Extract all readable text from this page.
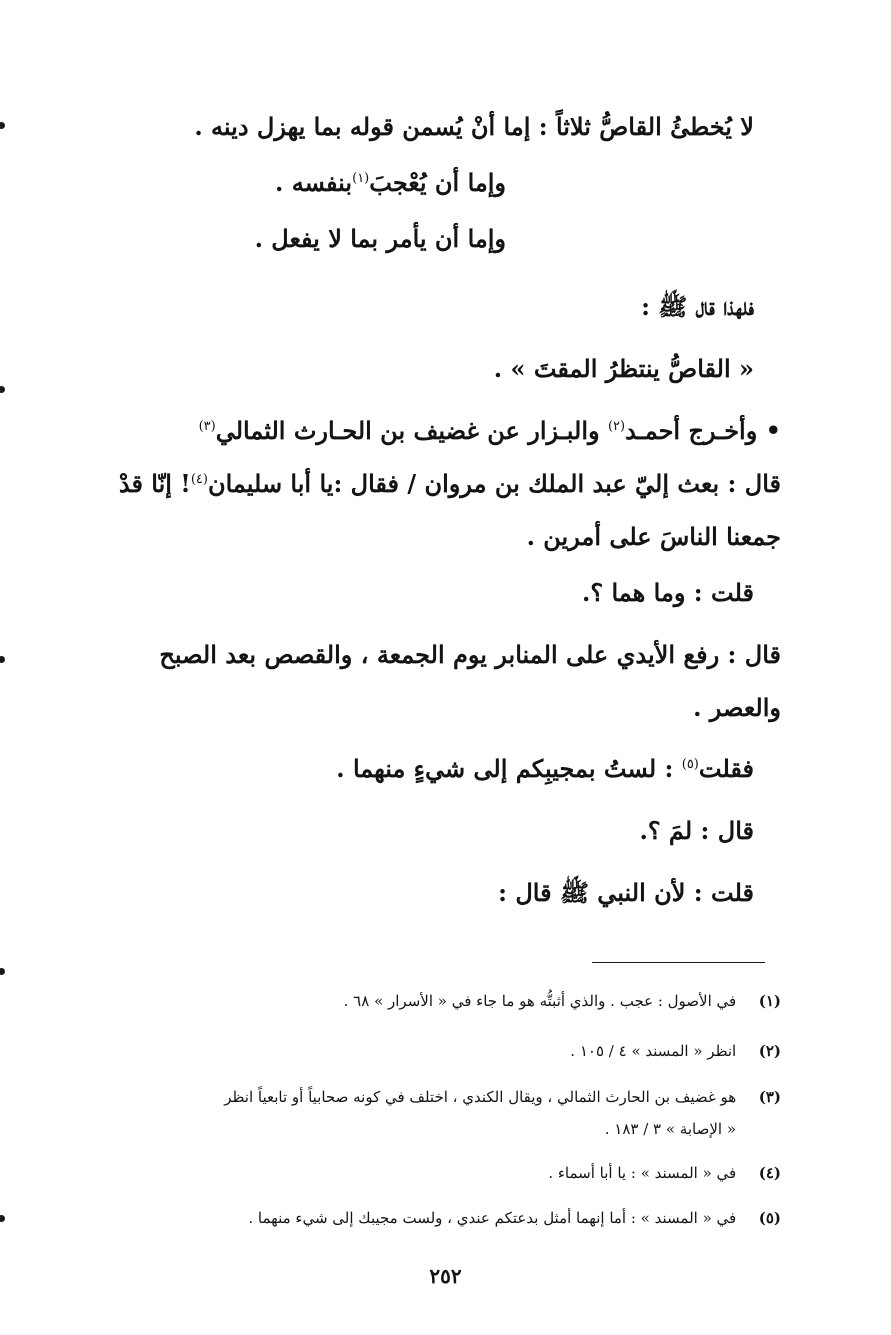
لا يُخطئُ القاصُّ ثلاثاً : إما أنْ يُسمن قوله بما يهزل دينه .
وإما أن يُعْجبَ$^{(١)}$بنفسه .
وإما أن يأمر بما لا يفعل .
فلهذا قال ﷺ :
« القاصُّ ينتظرُ المقتَ » .
• وأخـرج أحمـد$^{(٢)}$ والبـزار عن غضيف بن الحـارث الثمالي$^{(٣)}$
قال : بعث إليّ عبد الملك بن مروان / فقال :يا أبا سليمان$^{(٤)}$! إنّا قدْ
جمعنا الناسَ على أمرين .
قلت : وما هما ؟.
قال : رفع الأيدي على المنابر يوم الجمعة ، والقصص بعد الصبح
والعصر .
فقلت$^{(٥)}$ : لستُ بمجيبِكم إلى شيءٍ منهما .
قال : لمَ ؟.
قلت : لأن النبي ﷺ قال :
(١) في الأصول : عجب . والذي أثبتُّه هو ما جاء في « الأسرار » ٦٨ .
(٢) انظر « المسند » ٤ / ١٠٥ .
(٣) هو غضيف بن الحارث الثمالي ، ويقال الكندي ، اختلف في كونه صحابياً أو تابعياً انظر
« الإصابة » ٣ / ١٨٣ .
(٤) في « المسند » : يا أبا أسماء .
(٥) في « المسند » : أما إنهما أمثل بدعتكم عندي ، ولست مجيبك إلى شيء منهما .
٢٥٢
